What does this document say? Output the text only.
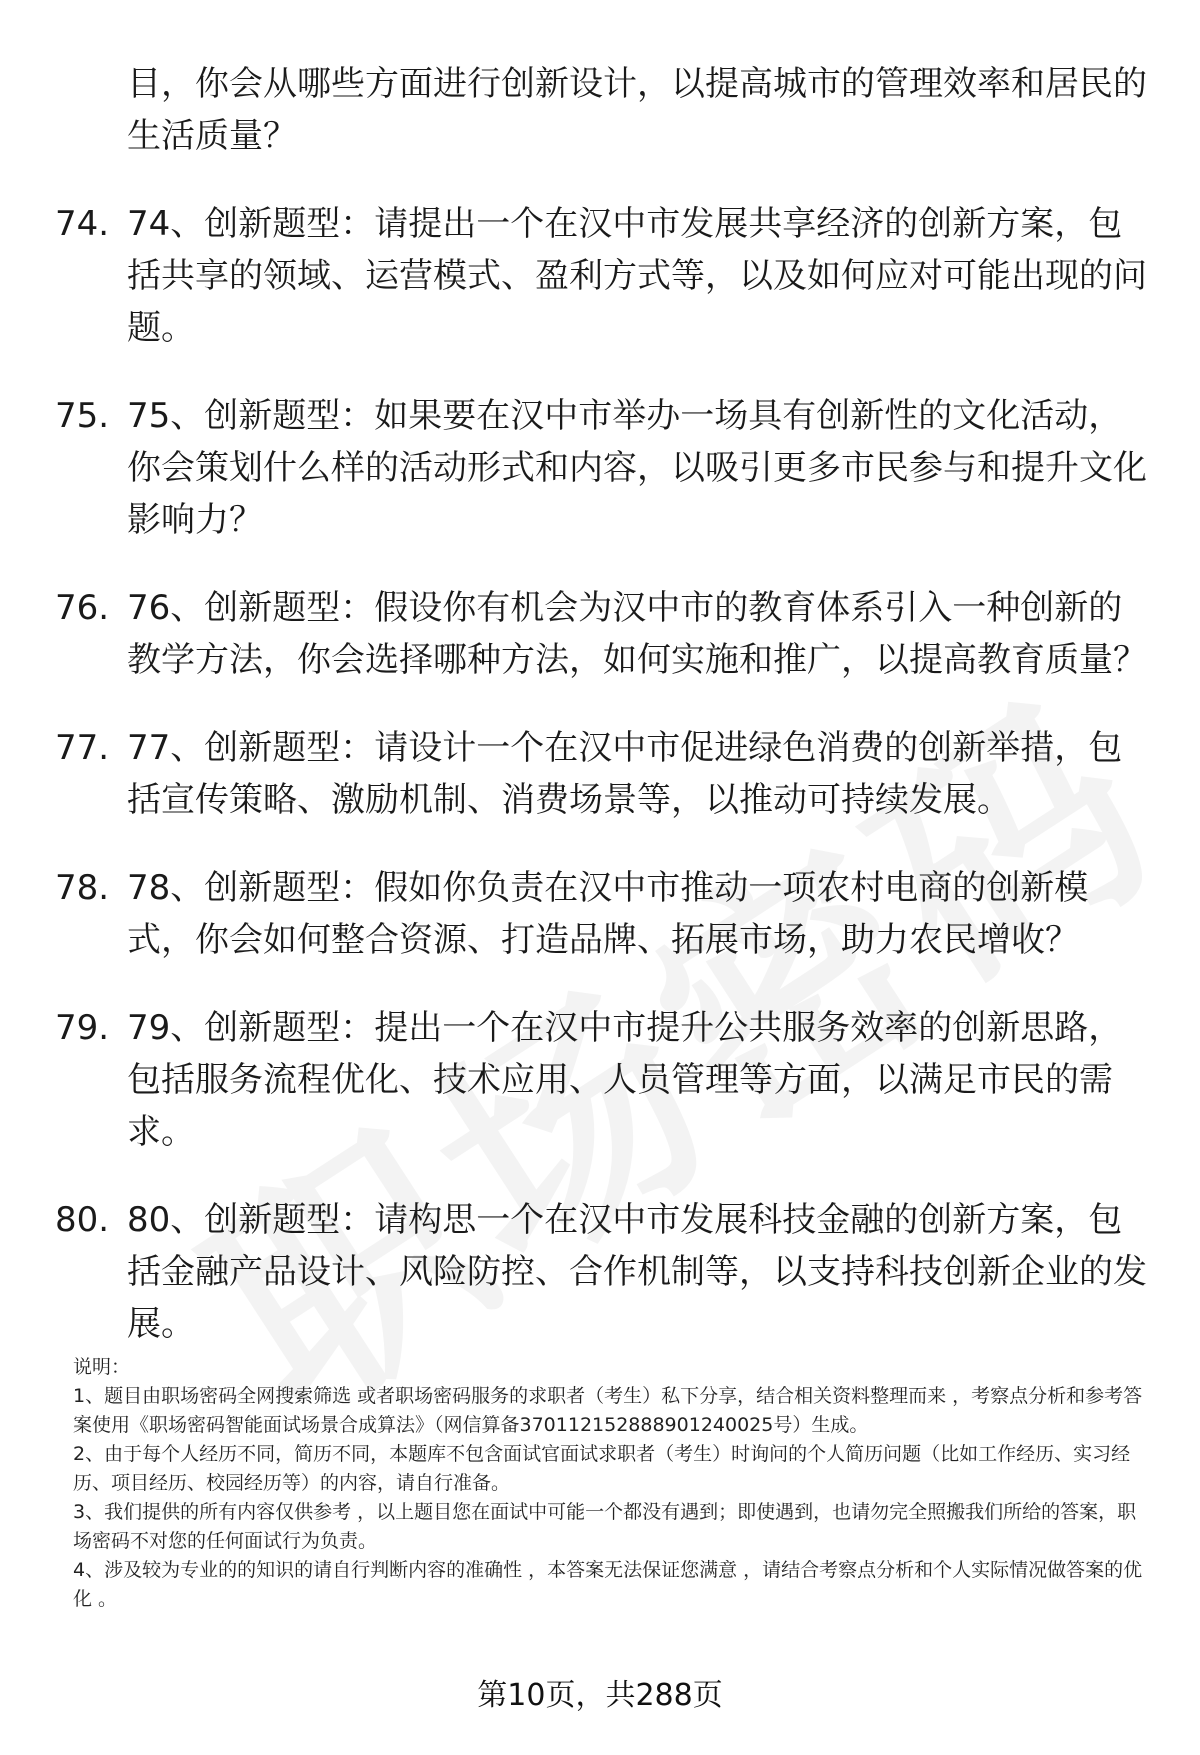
目，你会从哪些方面进行创新设计，以提高城市的管理效率和居民的生活质量？
74. 74、创新题型：请提出一个在汉中市发展共享经济的创新方案，包括共享的领域、运营模式、盈利方式等，以及如何应对可能出现的问题。
75. 75、创新题型：如果要在汉中市举办一场具有创新性的文化活动，你会策划什么样的活动形式和内容，以吸引更多市民参与和提升文化影响力？
76. 76、创新题型：假设你有机会为汉中市的教育体系引入一种创新的教学方法，你会选择哪种方法，如何实施和推广，以提高教育质量？
77. 77、创新题型：请设计一个在汉中市促进绿色消费的创新举措，包括宣传策略、激励机制、消费场景等，以推动可持续发展。
78. 78、创新题型：假如你负责在汉中市推动一项农村电商的创新模式，你会如何整合资源、打造品牌、拓展市场，助力农民增收？
79. 79、创新题型：提出一个在汉中市提升公共服务效率的创新思路，包括服务流程优化、技术应用、人员管理等方面，以满足市民的需求。
80. 80、创新题型：请构思一个在汉中市发展科技金融的创新方案，包括金融产品设计、风险防控、合作机制等，以支持科技创新企业的发展。

说明：

1、题目由职场密码全网搜索筛选 或者职场密码服务的求职者（考生）私下分享，结合相关资料整理而来 ，考察点分析和参考答案使用《职场密码智能面试场景合成算法》（网信算备370112152888901240025号）生成。

2、由于每个人经历不同，简历不同，本题库不包含面试官面试求职者（考生）时询问的个人简历问题（比如工作经历、实习经历、项目经历、校园经历等）的内容，请自行准备。

3、我们提供的所有内容仅供参考 ，以上题目您在面试中可能一个都没有遇到；即使遇到，也请勿完全照搬我们所给的答案，职场密码不对您的任何面试行为负责。

4、涉及较为专业的的知识的请自行判断内容的准确性 ，本答案无法保证您满意 ，请结合考察点分析和个人实际情况做答案的优化 。

第10页，共288页
